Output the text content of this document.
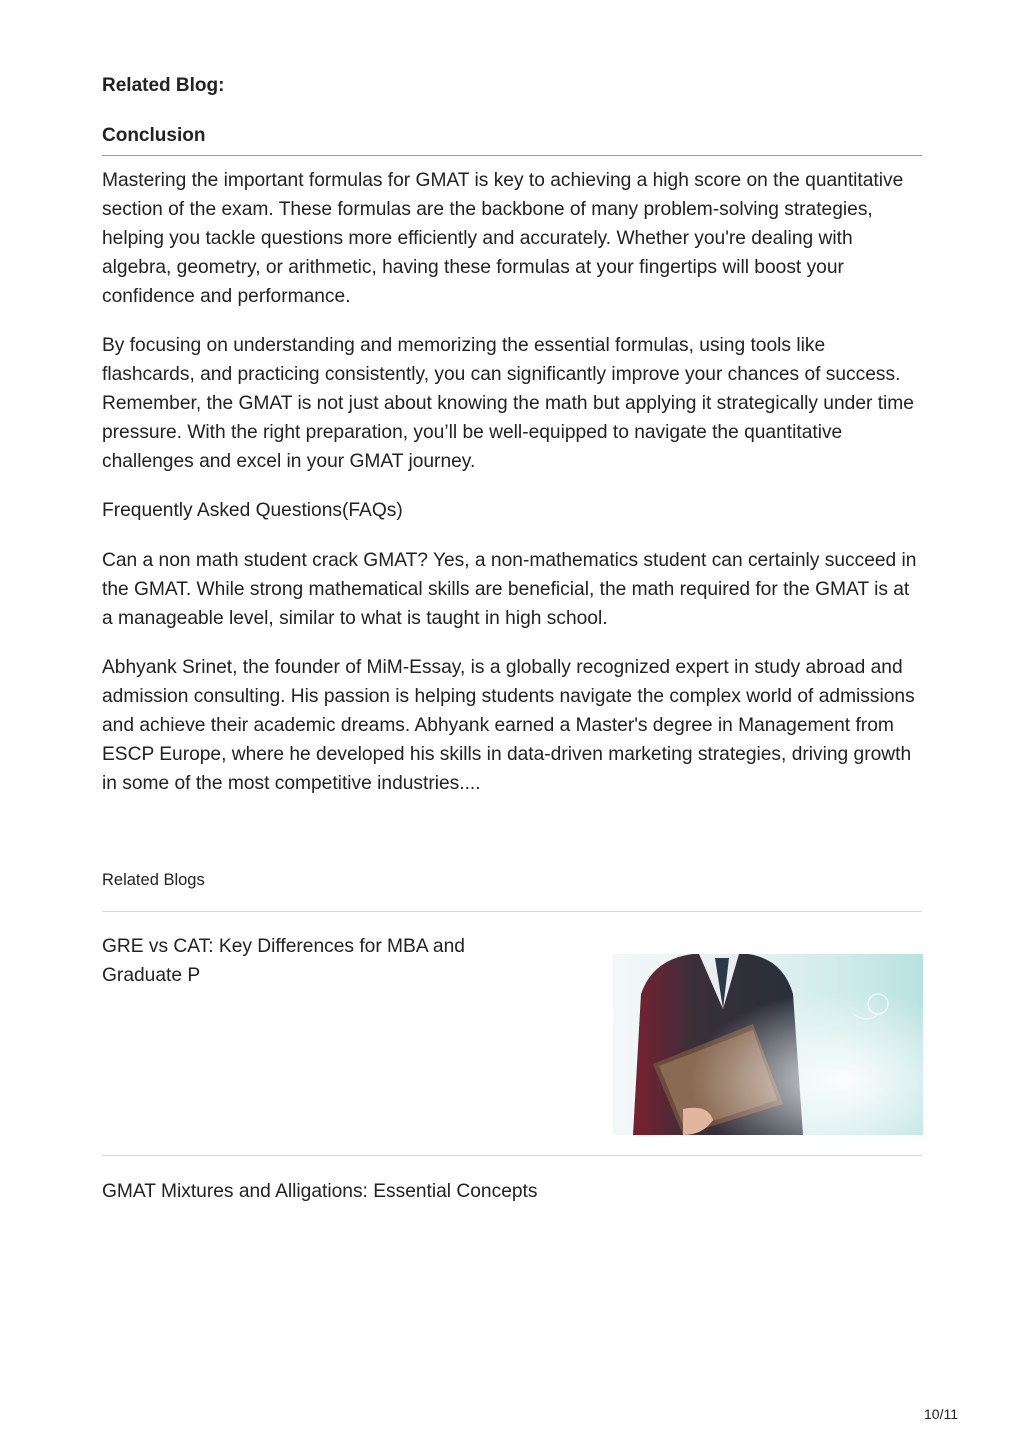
Related Blog:
Conclusion

Mastering the important formulas for GMAT is key to achieving a high score on the quantitative section of the exam. These formulas are the backbone of many problem-solving strategies, helping you tackle questions more efficiently and accurately. Whether you're dealing with algebra, geometry, or arithmetic, having these formulas at your fingertips will boost your confidence and performance.

By focusing on understanding and memorizing the essential formulas, using tools like flashcards, and practicing consistently, you can significantly improve your chances of success. Remember, the GMAT is not just about knowing the math but applying it strategically under time pressure. With the right preparation, you’ll be well-equipped to navigate the quantitative challenges and excel in your GMAT journey.

Frequently Asked Questions(FAQs)

Can a non math student crack GMAT? Yes, a non-mathematics student can certainly succeed in the GMAT. While strong mathematical skills are beneficial, the math required for the GMAT is at a manageable level, similar to what is taught in high school.

Abhyank Srinet, the founder of MiM-Essay, is a globally recognized expert in study abroad and admission consulting. His passion is helping students navigate the complex world of admissions and achieve their academic dreams. Abhyank earned a Master's degree in Management from ESCP Europe, where he developed his skills in data-driven marketing strategies, driving growth in some of the most competitive industries....

Related Blogs

GRE vs CAT: Key Differences for MBA and Graduate P
GMAT Mixtures and Alligations: Essential Concepts
10/11
